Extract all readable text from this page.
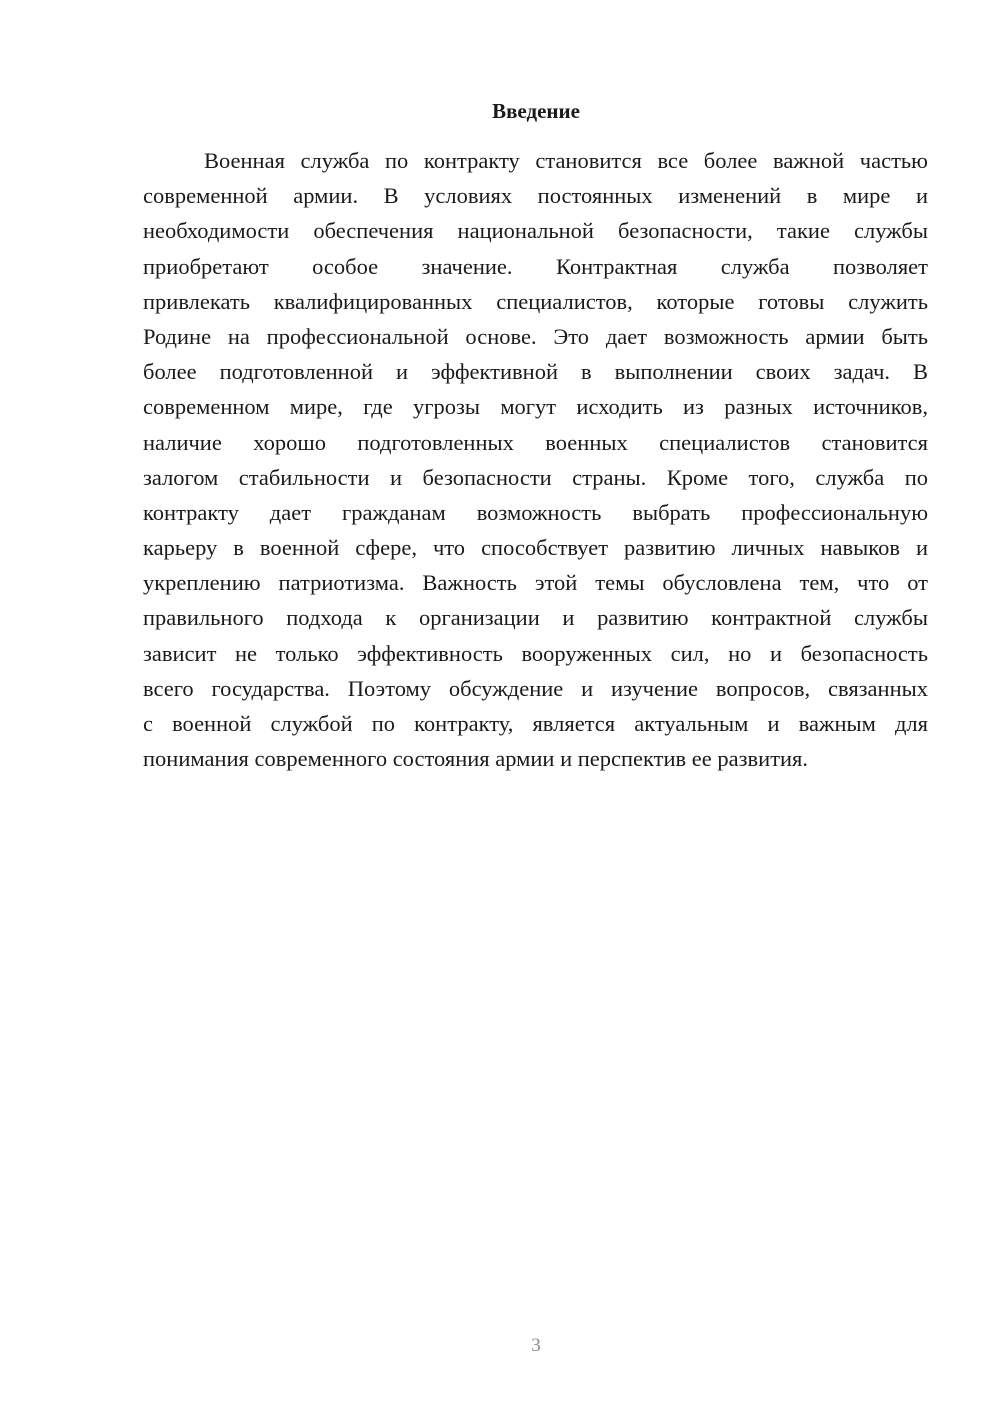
Введение
Военная служба по контракту становится все более важной частью
современной армии. В условиях постоянных изменений в мире и
необходимости обеспечения национальной безопасности, такие службы
приобретают особое значение. Контрактная служба позволяет
привлекать квалифицированных специалистов, которые готовы служить
Родине на профессиональной основе. Это дает возможность армии быть
более подготовленной и эффективной в выполнении своих задач. В
современном мире, где угрозы могут исходить из разных источников,
наличие хорошо подготовленных военных специалистов становится
залогом стабильности и безопасности страны. Кроме того, служба по
контракту дает гражданам возможность выбрать профессиональную
карьеру в военной сфере, что способствует развитию личных навыков и
укреплению патриотизма. Важность этой темы обусловлена тем, что от
правильного подхода к организации и развитию контрактной службы
зависит не только эффективность вооруженных сил, но и безопасность
всего государства. Поэтому обсуждение и изучение вопросов, связанных
с военной службой по контракту, является актуальным и важным для
понимания современного состояния армии и перспектив ее развития.
3
